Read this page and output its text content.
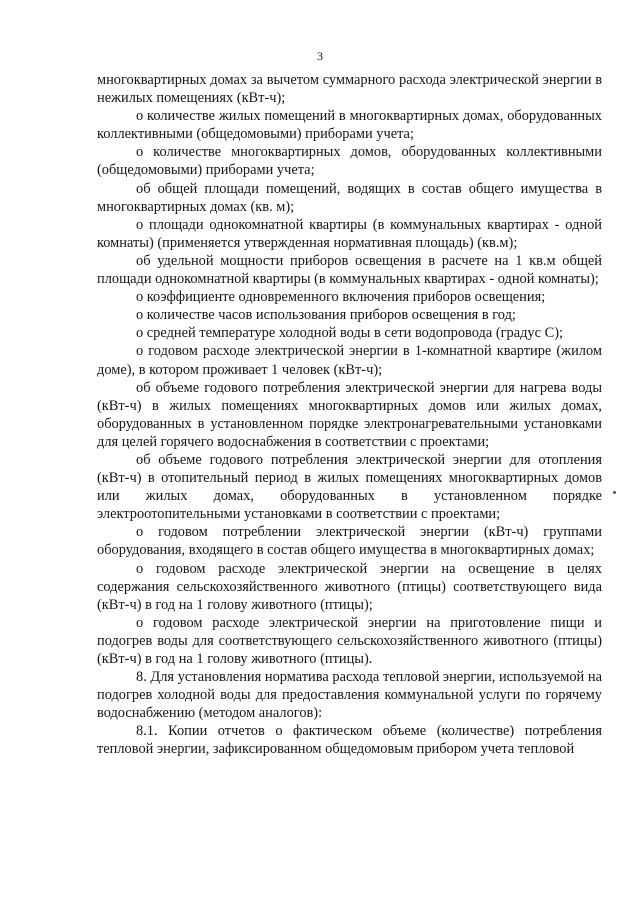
3

многоквартирных домах за вычетом суммарного расхода электрической энергии в нежилых помещениях (кВт-ч);

о количестве жилых помещений в многоквартирных домах, оборудованных коллективными (общедомовыми) приборами учета;

о количестве многоквартирных домов, оборудованных коллективными (общедомовыми) приборами учета;

об общей площади помещений, водящих в состав общего имущества в многоквартирных домах (кв. м);

о площади однокомнатной квартиры (в коммунальных квартирах - одной комнаты) (применяется утвержденная нормативная площадь) (кв.м);

об удельной мощности приборов освещения в расчете на 1 кв.м общей площади однокомнатной квартиры (в коммунальных квартирах - одной комнаты);

о коэффициенте одновременного включения приборов освещения;

о количестве часов использования приборов освещения в год;

о средней температуре холодной воды в сети водопровода (градус С);

о годовом расходе электрической энергии в 1-комнатной квартире (жилом доме), в котором проживает 1 человек (кВт-ч);

об объеме годового потребления электрической энергии для нагрева воды (кВт-ч) в жилых помещениях многоквартирных домов или жилых домах, оборудованных в установленном порядке электронагревательными установками для целей горячего водоснабжения в соответствии с проектами;

об объеме годового потребления электрической энергии для отопления (кВт-ч) в отопительный период в жилых помещениях многоквартирных домов или жилых домах, оборудованных в установленном порядке электроотопительными установками в соответствии с проектами;

о годовом потреблении электрической энергии (кВт-ч) группами оборудования, входящего в состав общего имущества в многоквартирных домах;

о годовом расходе электрической энергии на освещение в целях содержания сельскохозяйственного животного (птицы) соответствующего вида (кВт-ч) в год на 1 голову животного (птицы);

о годовом расходе электрической энергии на приготовление пищи и подогрев воды для соответствующего сельскохозяйственного животного (птицы) (кВт-ч) в год на 1 голову животного (птицы).

8. Для установления норматива расхода тепловой энергии, используемой на подогрев холодной воды для предоставления коммунальной услуги по горячему водоснабжению (методом аналогов):

8.1. Копии отчетов о фактическом объеме (количестве) потребления тепловой энергии, зафиксированном общедомовым прибором учета тепловой
